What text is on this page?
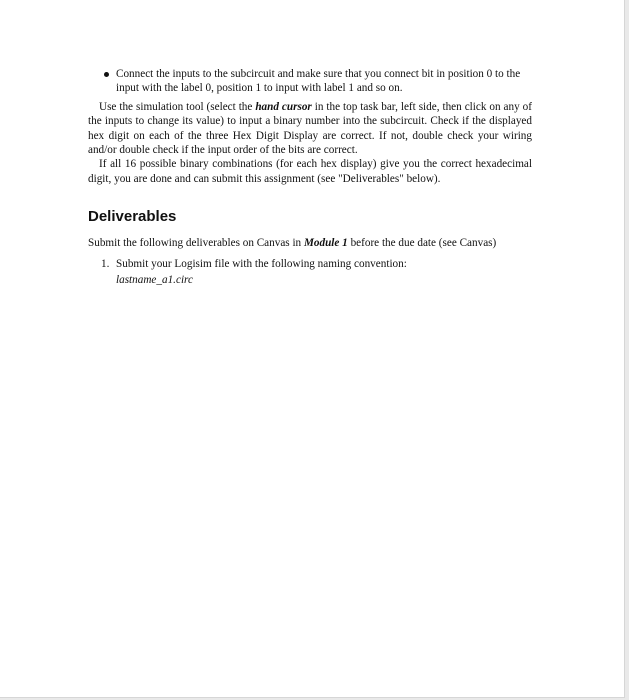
Connect the inputs to the subcircuit and make sure that you connect bit in position 0 to the input with the label 0, position 1 to input with label 1 and so on.

Use the simulation tool (select the hand cursor in the top task bar, left side, then click on any of the inputs to change its value) to input a binary number into the subcircuit. Check if the displayed hex digit on each of the three Hex Digit Display are correct. If not, double check your wiring and/or double check if the input order of the bits are correct.

If all 16 possible binary combinations (for each hex display) give you the correct hexadecimal digit, you are done and can submit this assignment (see "Deliverables" below).

Deliverables

Submit the following deliverables on Canvas in Module 1 before the due date (see Canvas)

1. Submit your Logisim file with the following naming convention:
lastname_a1.circ
